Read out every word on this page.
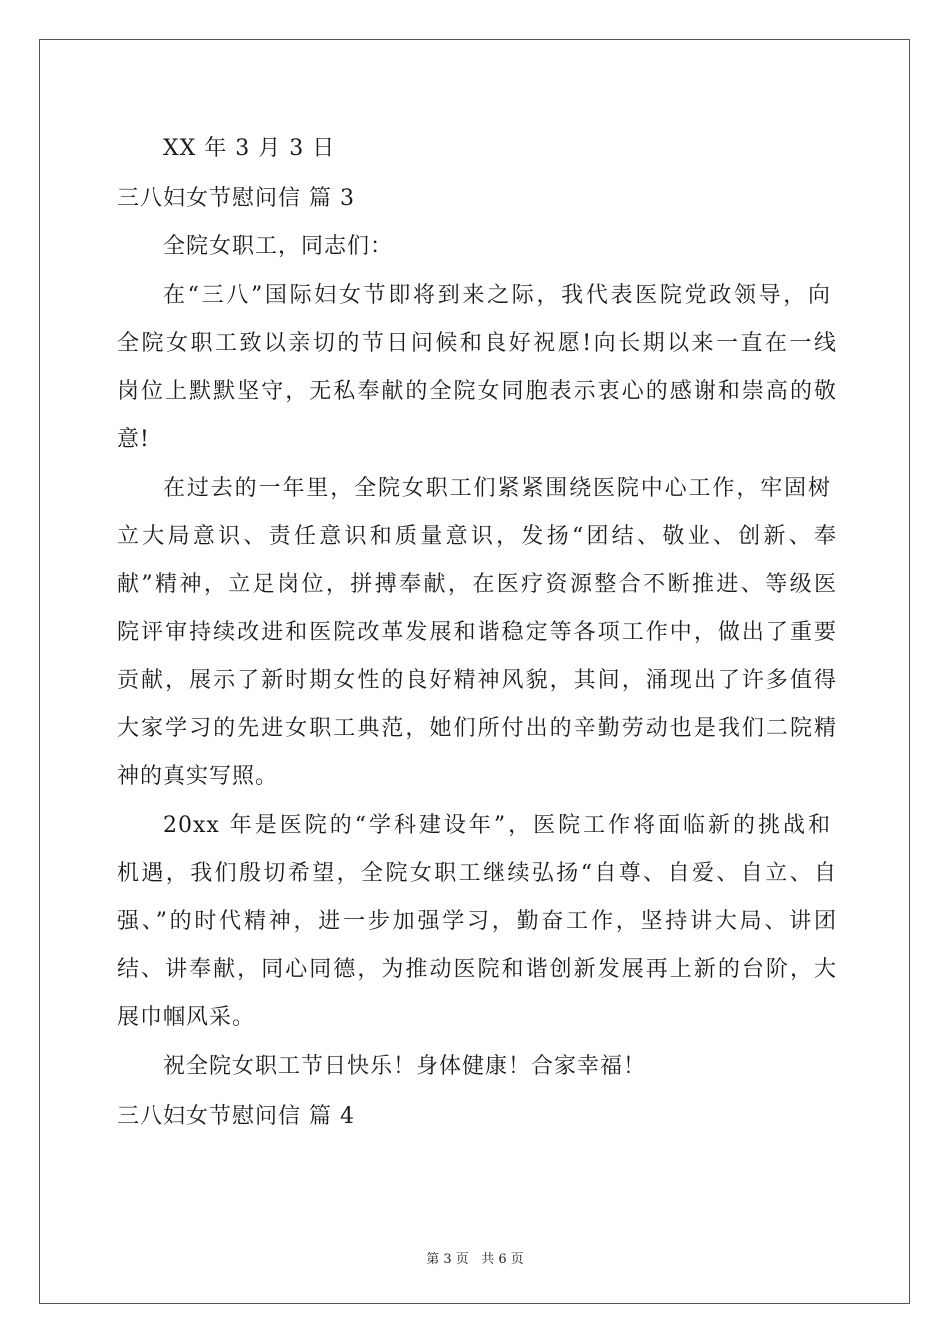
XX 年 3 月 3 日
三八妇女节慰问信 篇 3
全院女职工，同志们：
在“三八”国际妇女节即将到来之际，我代表医院党政领导，向
全院女职工致以亲切的节日问候和良好祝愿!向长期以来一直在一线
岗位上默默坚守，无私奉献的全院女同胞表示衷心的感谢和崇高的敬
意!
在过去的一年里，全院女职工们紧紧围绕医院中心工作，牢固树
立大局意识、责任意识和质量意识，发扬“团结、敬业、创新、奉
献”精神，立足岗位，拼搏奉献，在医疗资源整合不断推进、等级医
院评审持续改进和医院改革发展和谐稳定等各项工作中，做出了重要
贡献，展示了新时期女性的良好精神风貌，其间，涌现出了许多值得
大家学习的先进女职工典范，她们所付出的辛勤劳动也是我们二院精
神的真实写照。
20xx 年是医院的“学科建设年”，医院工作将面临新的挑战和
机遇，我们殷切希望，全院女职工继续弘扬“自尊、自爱、自立、自
强、”的时代精神，进一步加强学习，勤奋工作，坚持讲大局、讲团
结、讲奉献，同心同德，为推动医院和谐创新发展再上新的台阶，大
展巾帼风采。
祝全院女职工节日快乐！身体健康！合家幸福！
三八妇女节慰问信 篇 4
第 3 页 共 6 页
